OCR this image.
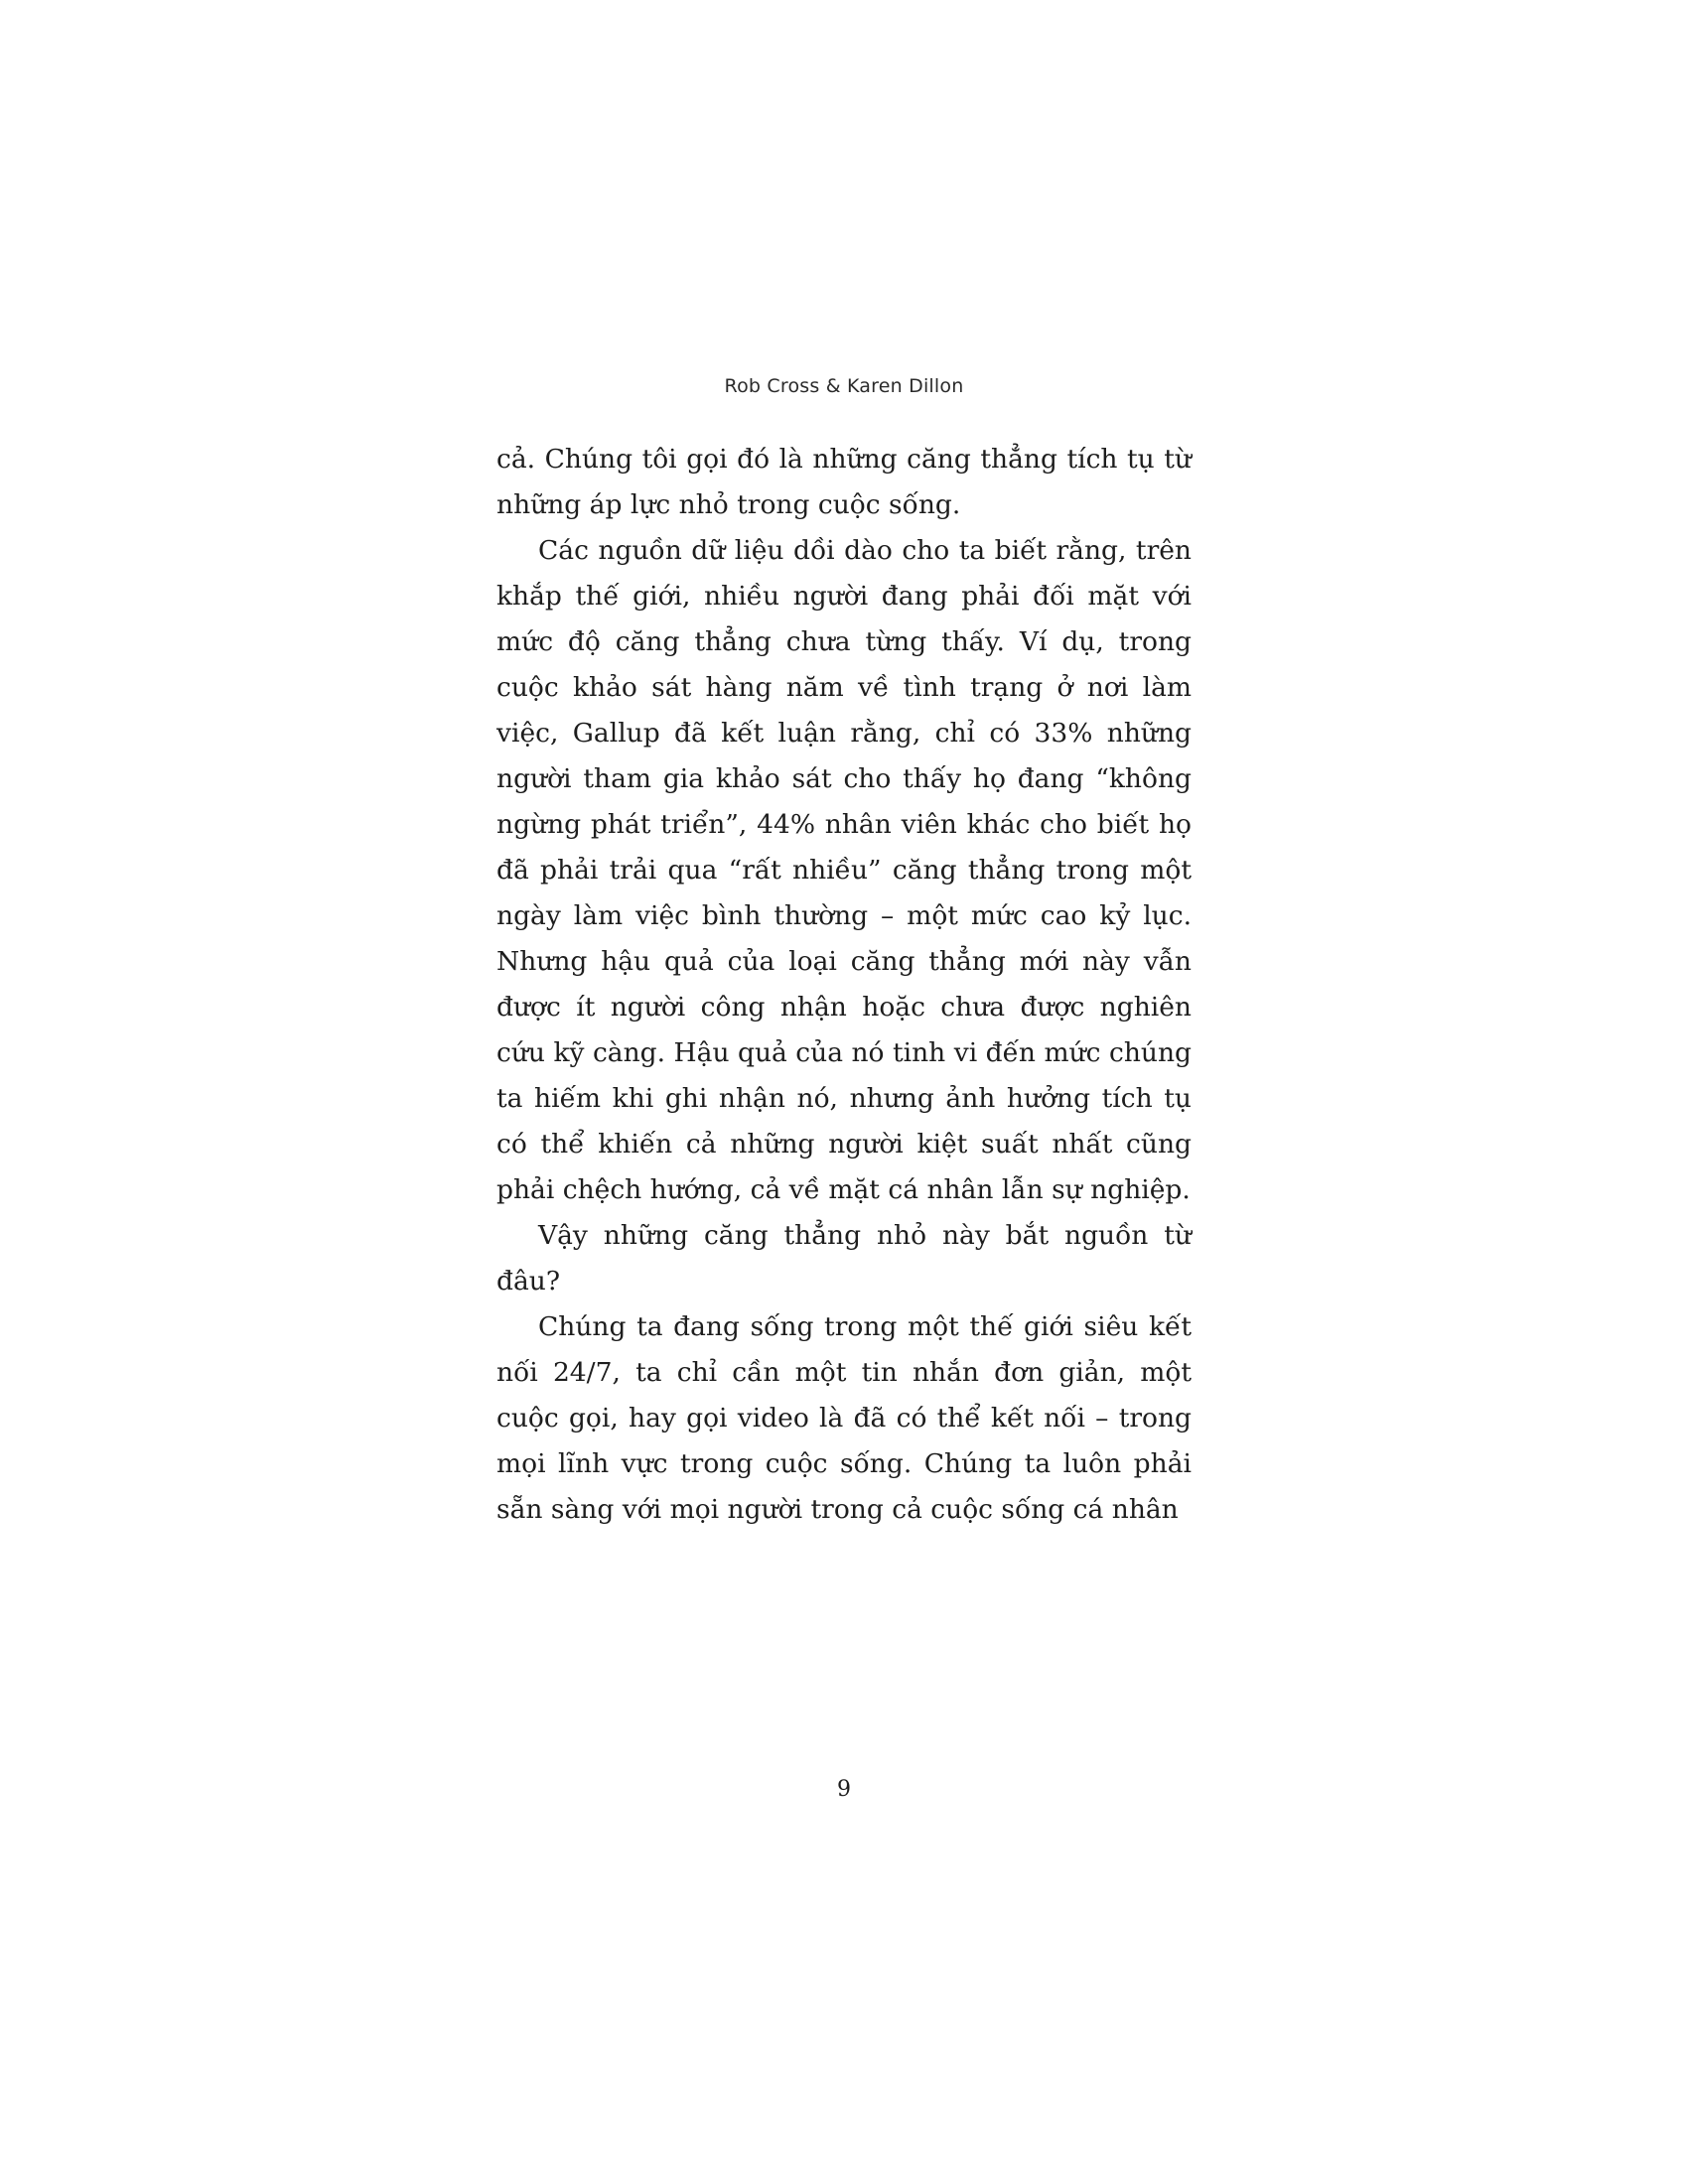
Rob Cross & Karen Dillon

cả. Chúng tôi gọi đó là những căng thẳng tích tụ từ những áp lực nhỏ trong cuộc sống.

Các nguồn dữ liệu dồi dào cho ta biết rằng, trên khắp thế giới, nhiều người đang phải đối mặt với mức độ căng thẳng chưa từng thấy. Ví dụ, trong cuộc khảo sát hàng năm về tình trạng ở nơi làm việc, Gallup đã kết luận rằng, chỉ có 33% những người tham gia khảo sát cho thấy họ đang “không ngừng phát triển”, 44% nhân viên khác cho biết họ đã phải trải qua “rất nhiều” căng thẳng trong một ngày làm việc bình thường – một mức cao kỷ lục. Nhưng hậu quả của loại căng thẳng mới này vẫn được ít người công nhận hoặc chưa được nghiên cứu kỹ càng. Hậu quả của nó tinh vi đến mức chúng ta hiếm khi ghi nhận nó, nhưng ảnh hưởng tích tụ có thể khiến cả những người kiệt suất nhất cũng phải chệch hướng, cả về mặt cá nhân lẫn sự nghiệp.

Vậy những căng thẳng nhỏ này bắt nguồn từ đâu?

Chúng ta đang sống trong một thế giới siêu kết nối 24/7, ta chỉ cần một tin nhắn đơn giản, một cuộc gọi, hay gọi video là đã có thể kết nối – trong mọi lĩnh vực trong cuộc sống. Chúng ta luôn phải sẵn sàng với mọi người trong cả cuộc sống cá nhân

9
